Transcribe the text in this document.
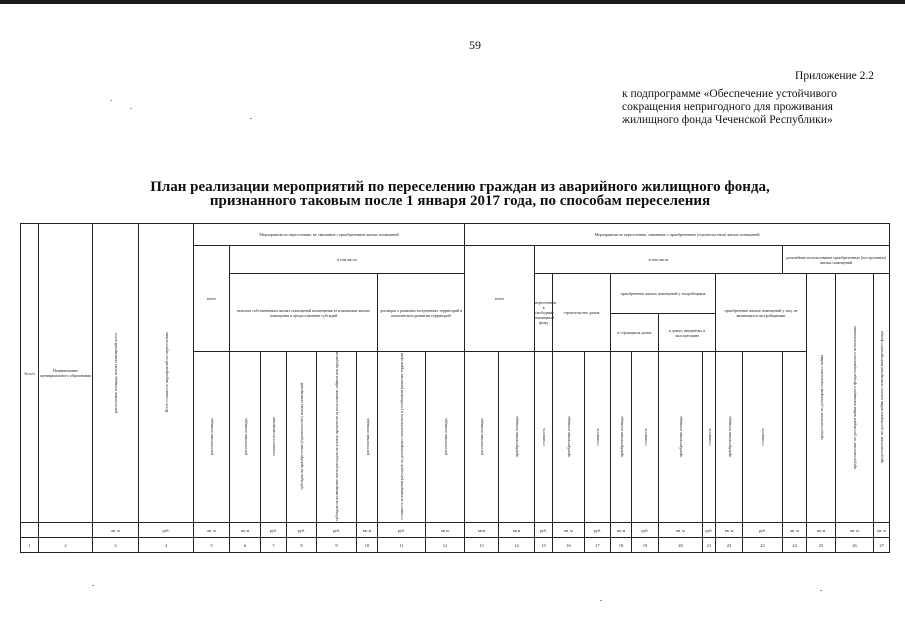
59
Приложение 2.2
к подпрограмме «Обеспечение устойчивого
сокращения непригодного для проживания
жилищного фонда Чеченской Республики»
План реализации мероприятий по переселению граждан из аварийного жилищного фонда,
признанного таковым после 1 января 2017 года, по способам переселения
№ п/п	Наименование муниципального образования	расселяемая площадь жилых помещений всего	Всего стоимость мероприятий по переселению	Мероприятия по переселению, не связанные с приобретением жилых помещений								Мероприятия по переселению, связанные с приобретением (строительством) жилых помещений															
				всего	в том числе							всего		в том числе									дальнейшее использование приобретенных (построенных) жилых помещений				
					выплата собственникам жилых помещений возмещения за изымаемые жилые помещения и предоставление субсидий					договоры о развитии застроенных территорий и комплексном развитии территорий				переселение в свободный жилищный фонд	строительство домов		приобретение жилых помещений у застройщиков				приобретение жилых помещений у лиц, не являющихся застройщиками			предоставление по договорам социального найма	предоставление по договорам найма жилищного фонда социального использования	предоставление по договорам найма жилого помещения маневренного фонда	
																	в строящихся домах		в домах, введенных в эксплуатацию								
				расселяемая площадь	расселяемая площадь	стоимость возмещения	субсидия на приобретение (строительство) жилых помещений	субсидия на возмещение части расходов на уплату процентов за пользование займом или кредитом	расселяемая площадь	стоимость возмещения расходов по договорам о комплексном и устойчивом развитии территории	расселяемая площадь	расселяемая площадь	приобретаемая площадь	стоимость	приобретаемая площадь	стоимость	приобретаемая площадь	стоимость	приобретаемая площадь	стоимость	приобретаемая площадь	стоимость					
		кв. м	руб.	кв. м	кв. м	руб.	руб.	руб.	кв. м	руб.	кв.м	кв.м	кв.м	руб.	кв. м	руб.	кв. м	руб.	кв. м	руб.	кв. м	руб.	кв. м	кв. м	кв. м	кв. м	
1	2	3	4	5	6	7	8	9	10	11	12	13	14	15	16	17	18	19	20	21	22	23	24	25	26	27	
